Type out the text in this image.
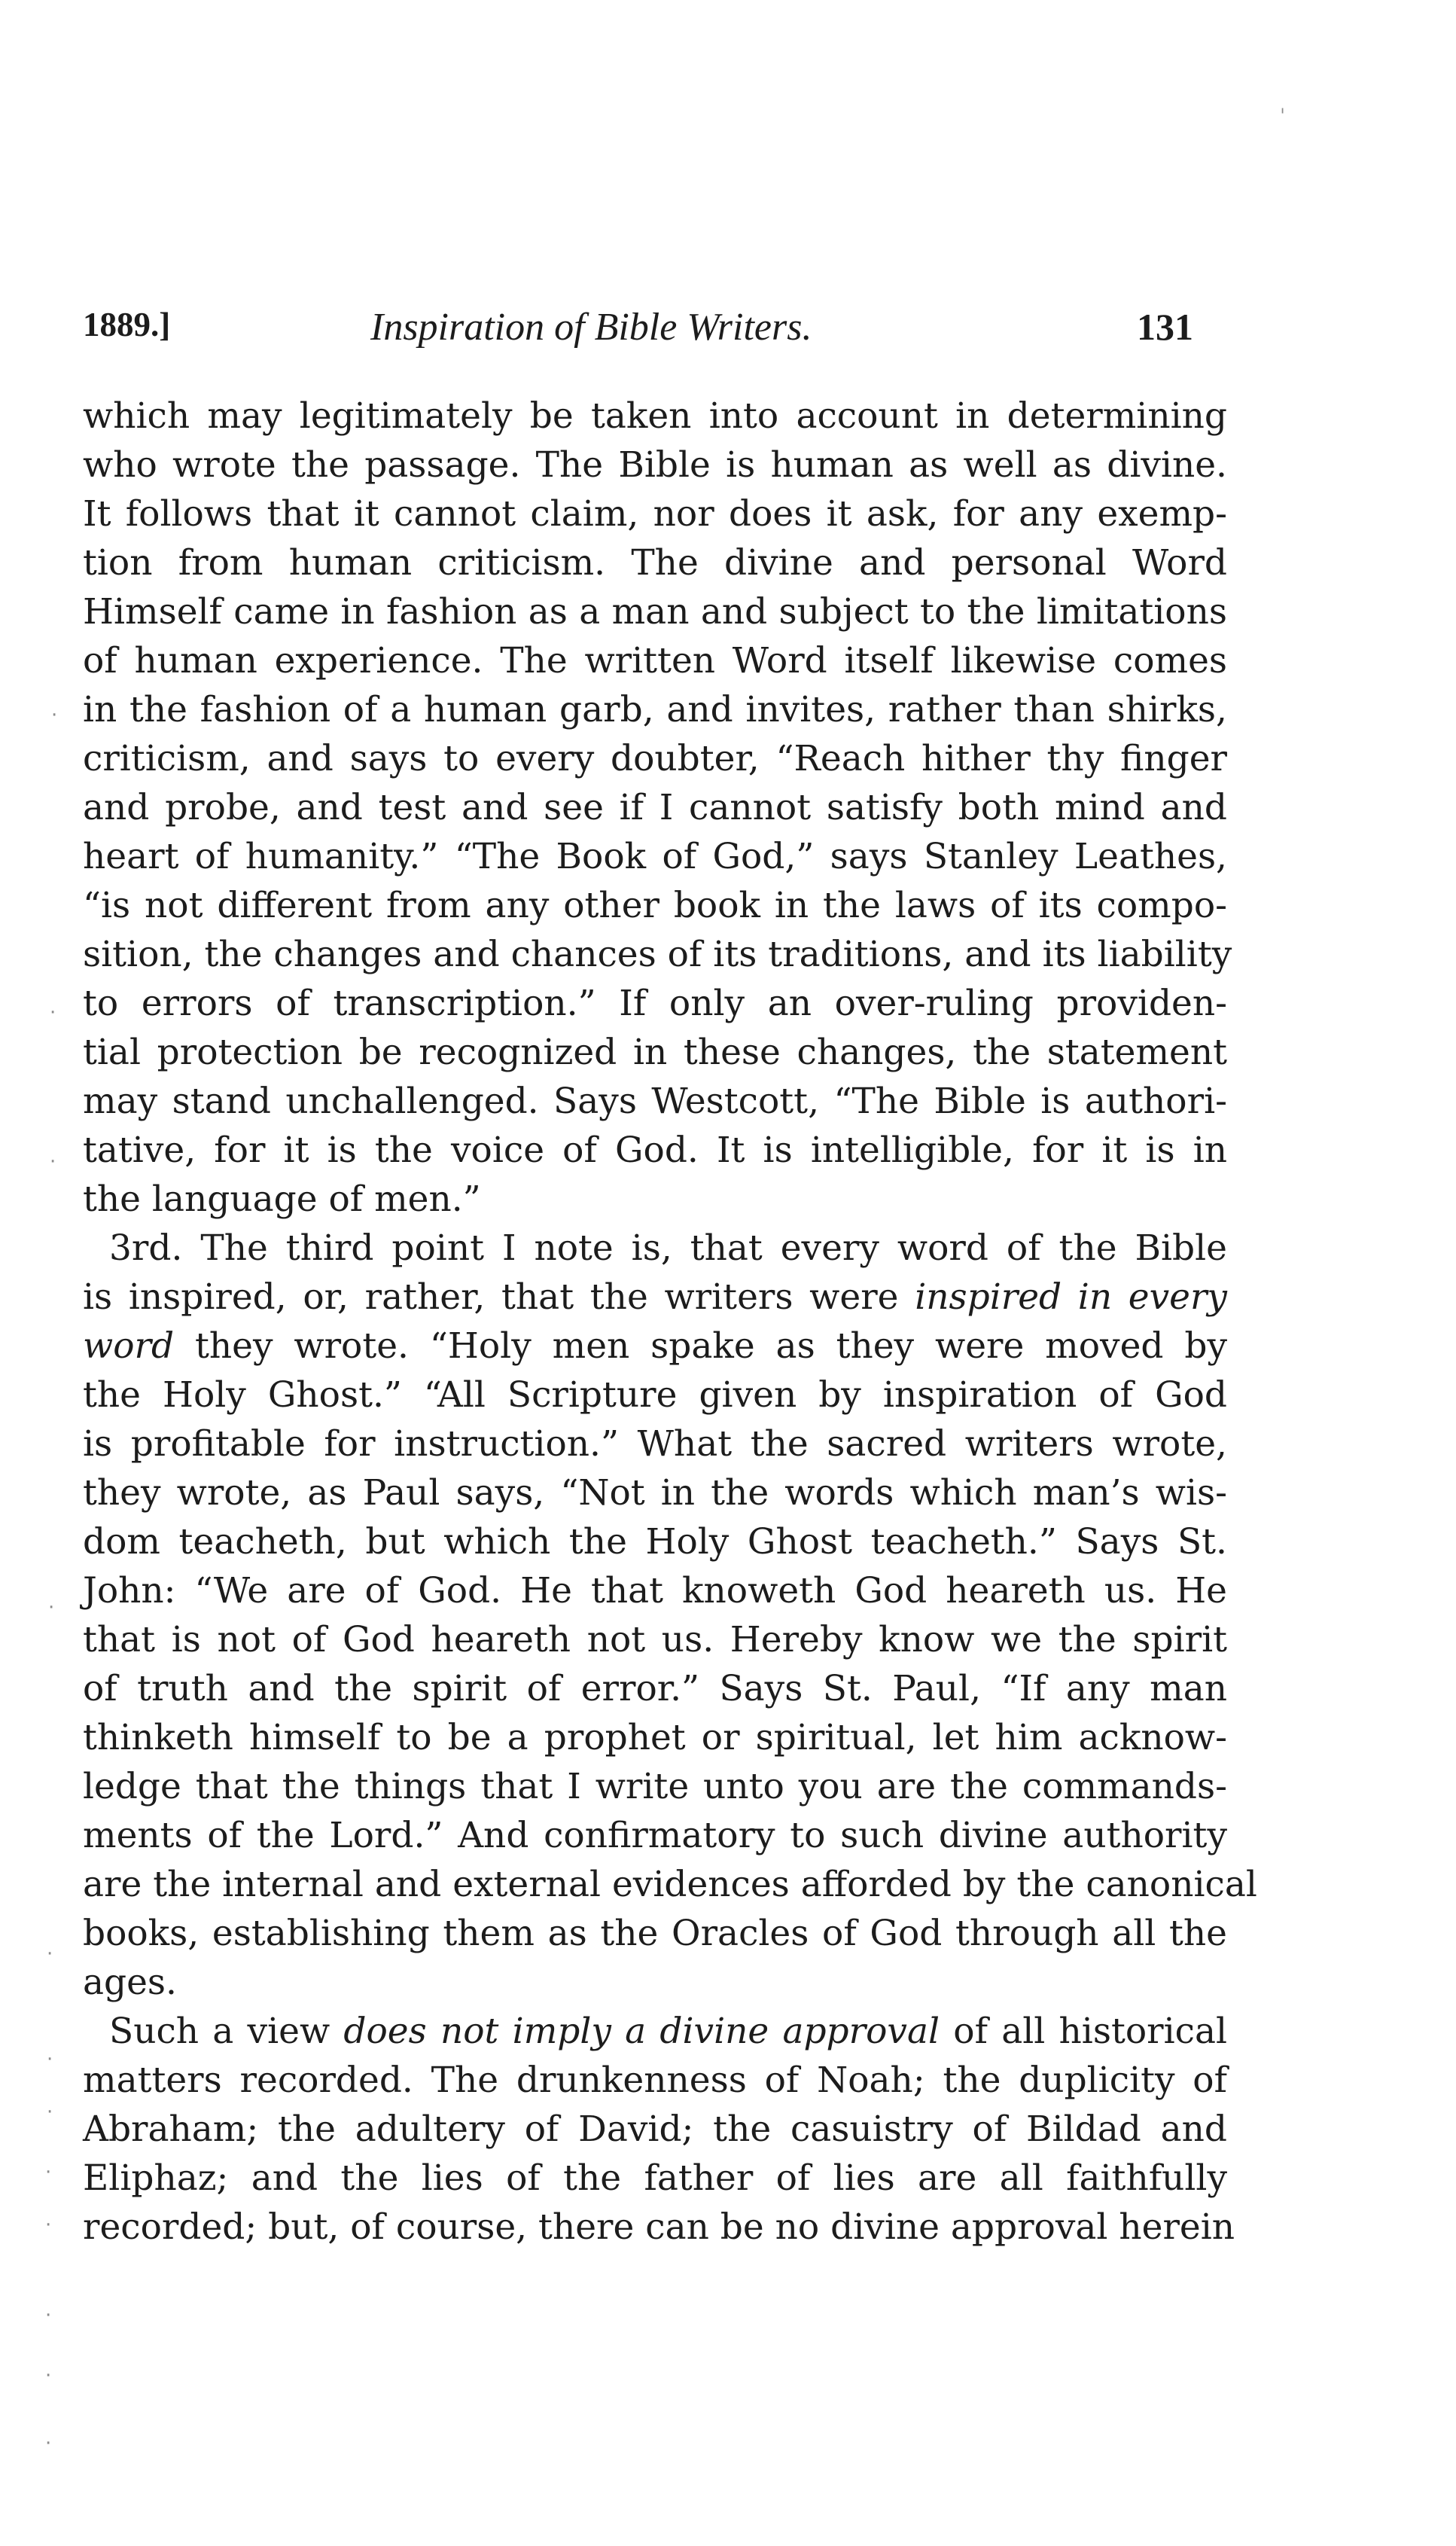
1889.]	Inspiration of Bible Writers.	131
which may legitimately be taken into account in determining
who wrote the passage. The Bible is human as well as divine.
It follows that it cannot claim, nor does it ask, for any exemp-
tion from human criticism. The divine and personal Word
Himself came in fashion as a man and subject to the limitations
of human experience. The written Word itself likewise comes
in the fashion of a human garb, and invites, rather than shirks,
criticism, and says to every doubter, “Reach hither thy finger
and probe, and test and see if I cannot satisfy both mind and
heart of humanity.” “The Book of God,” says Stanley Leathes,
“is not different from any other book in the laws of its compo-
sition, the changes and chances of its traditions, and its liability
to errors of transcription.” If only an over-ruling providen-
tial protection be recognized in these changes, the statement
may stand unchallenged. Says Westcott, “The Bible is authori-
tative, for it is the voice of God. It is intelligible, for it is in
the language of men.”
3rd. The third point I note is, that every word of the Bible
is inspired, or, rather, that the writers were inspired in every
word they wrote. “Holy men spake as they were moved by
the Holy Ghost.” “All Scripture given by inspiration of God
is profitable for instruction.” What the sacred writers wrote,
they wrote, as Paul says, “Not in the words which man’s wis-
dom teacheth, but which the Holy Ghost teacheth.” Says St.
John: “We are of God. He that knoweth God heareth us. He
that is not of God heareth not us. Hereby know we the spirit
of truth and the spirit of error.” Says St. Paul, “If any man
thinketh himself to be a prophet or spiritual, let him acknow-
ledge that the things that I write unto you are the commands-
ments of the Lord.” And confirmatory to such divine authority
are the internal and external evidences afforded by the canonical
books, establishing them as the Oracles of God through all the
ages.
Such a view does not imply a divine approval of all historical
matters recorded. The drunkenness of Noah; the duplicity of
Abraham; the adultery of David; the casuistry of Bildad and
Eliphaz; and the lies of the father of lies are all faithfully
recorded; but, of course, there can be no divine approval herein
ˈ
·
·
·
·
·
·
·
·
·
·
·
·
